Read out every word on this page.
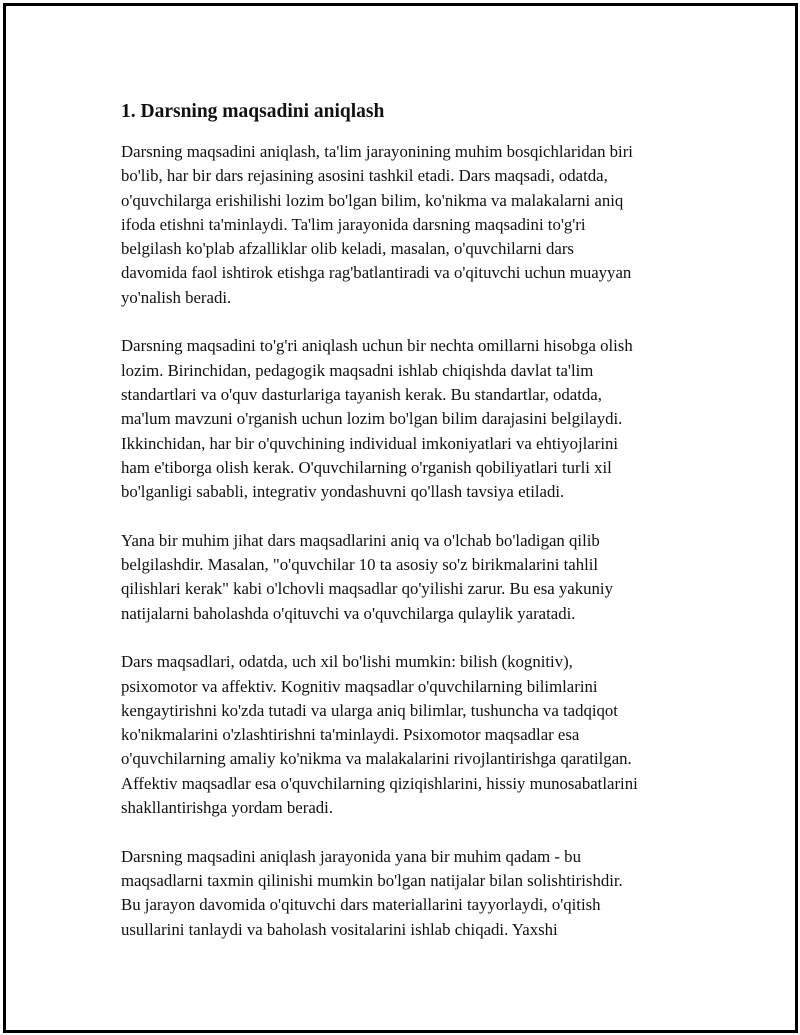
1. Darsning maqsadini aniqlash

Darsning maqsadini aniqlash, ta'lim jarayonining muhim bosqichlaridan biri
bo'lib, har bir dars rejasining asosini tashkil etadi. Dars maqsadi, odatda,
o'quvchilarga erishilishi lozim bo'lgan bilim, ko'nikma va malakalarni aniq
ifoda etishni ta'minlaydi. Ta'lim jarayonida darsning maqsadini to'g'ri
belgilash ko'plab afzalliklar olib keladi, masalan, o'quvchilarni dars
davomida faol ishtirok etishga rag'batlantiradi va o'qituvchi uchun muayyan
yo'nalish beradi.

Darsning maqsadini to'g'ri aniqlash uchun bir nechta omillarni hisobga olish
lozim. Birinchidan, pedagogik maqsadni ishlab chiqishda davlat ta'lim
standartlari va o'quv dasturlariga tayanish kerak. Bu standartlar, odatda,
ma'lum mavzuni o'rganish uchun lozim bo'lgan bilim darajasini belgilaydi.
Ikkinchidan, har bir o'quvchining individual imkoniyatlari va ehtiyojlarini
ham e'tiborga olish kerak. O'quvchilarning o'rganish qobiliyatlari turli xil
bo'lganligi sababli, integrativ yondashuvni qo'llash tavsiya etiladi.

Yana bir muhim jihat dars maqsadlarini aniq va o'lchab bo'ladigan qilib
belgilashdir. Masalan, "o'quvchilar 10 ta asosiy so'z birikmalarini tahlil
qilishlari kerak" kabi o'lchovli maqsadlar qo'yilishi zarur. Bu esa yakuniy
natijalarni baholashda o'qituvchi va o'quvchilarga qulaylik yaratadi.

Dars maqsadlari, odatda, uch xil bo'lishi mumkin: bilish (kognitiv),
psixomotor va affektiv. Kognitiv maqsadlar o'quvchilarning bilimlarini
kengaytirishni ko'zda tutadi va ularga aniq bilimlar, tushuncha va tadqiqot
ko'nikmalarini o'zlashtirishni ta'minlaydi. Psixomotor maqsadlar esa
o'quvchilarning amaliy ko'nikma va malakalarini rivojlantirishga qaratilgan.
Affektiv maqsadlar esa o'quvchilarning qiziqishlarini, hissiy munosabatlarini
shakllantirishga yordam beradi.

Darsning maqsadini aniqlash jarayonida yana bir muhim qadam - bu
maqsadlarni taxmin qilinishi mumkin bo'lgan natijalar bilan solishtirishdir.
Bu jarayon davomida o'qituvchi dars materiallarini tayyorlaydi, o'qitish
usullarini tanlaydi va baholash vositalarini ishlab chiqadi. Yaxshi
